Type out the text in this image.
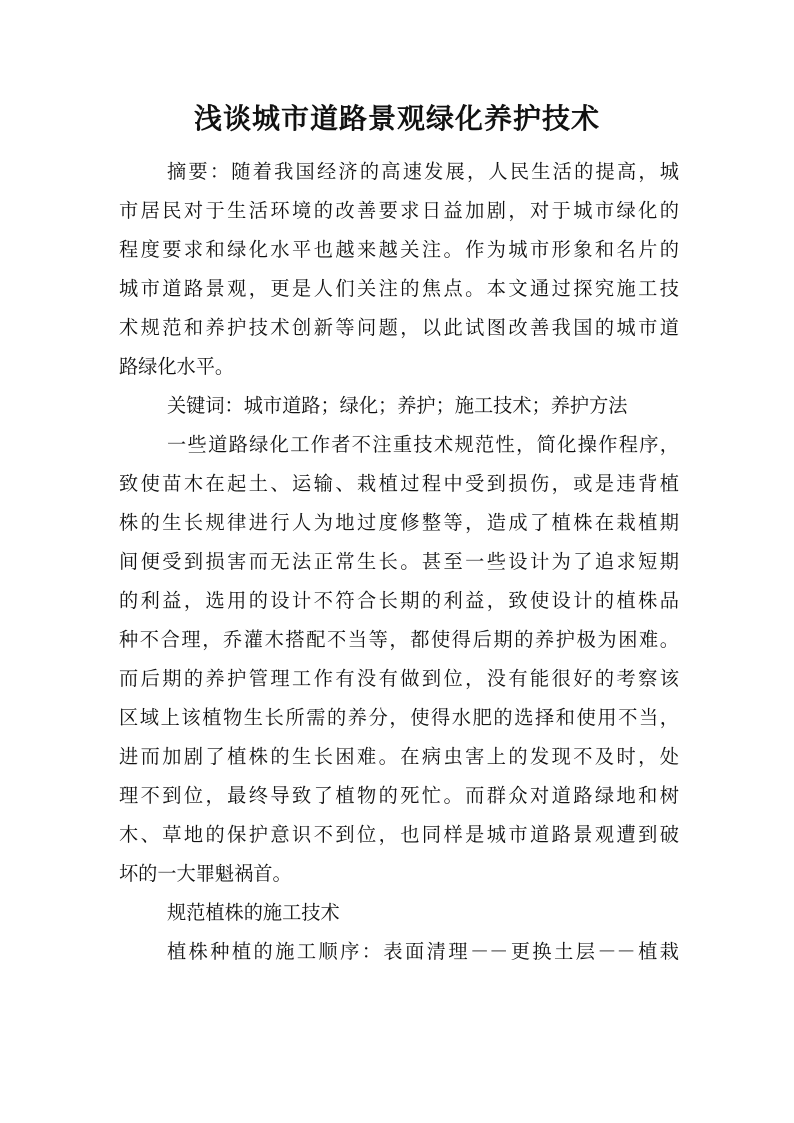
浅谈城市道路景观绿化养护技术
摘要：随着我国经济的高速发展，人民生活的提高，城
市居民对于生活环境的改善要求日益加剧，对于城市绿化的
程度要求和绿化水平也越来越关注。作为城市形象和名片的
城市道路景观，更是人们关注的焦点。本文通过探究施工技
术规范和养护技术创新等问题，以此试图改善我国的城市道
路绿化水平。
关键词：城市道路；绿化；养护；施工技术；养护方法
一些道路绿化工作者不注重技术规范性，简化操作程序，
致使苗木在起土、运输、栽植过程中受到损伤，或是违背植
株的生长规律进行人为地过度修整等，造成了植株在栽植期
间便受到损害而无法正常生长。甚至一些设计为了追求短期
的利益，选用的设计不符合长期的利益，致使设计的植株品
种不合理，乔灌木搭配不当等，都使得后期的养护极为困难。
而后期的养护管理工作有没有做到位，没有能很好的考察该
区域上该植物生长所需的养分，使得水肥的选择和使用不当，
进而加剧了植株的生长困难。在病虫害上的发现不及时，处
理不到位，最终导致了植物的死忙。而群众对道路绿地和树
木、草地的保护意识不到位，也同样是城市道路景观遭到破
坏的一大罪魁祸首。
规范植株的施工技术
植株种植的施工顺序：表面清理－－更换土层－－植栽
